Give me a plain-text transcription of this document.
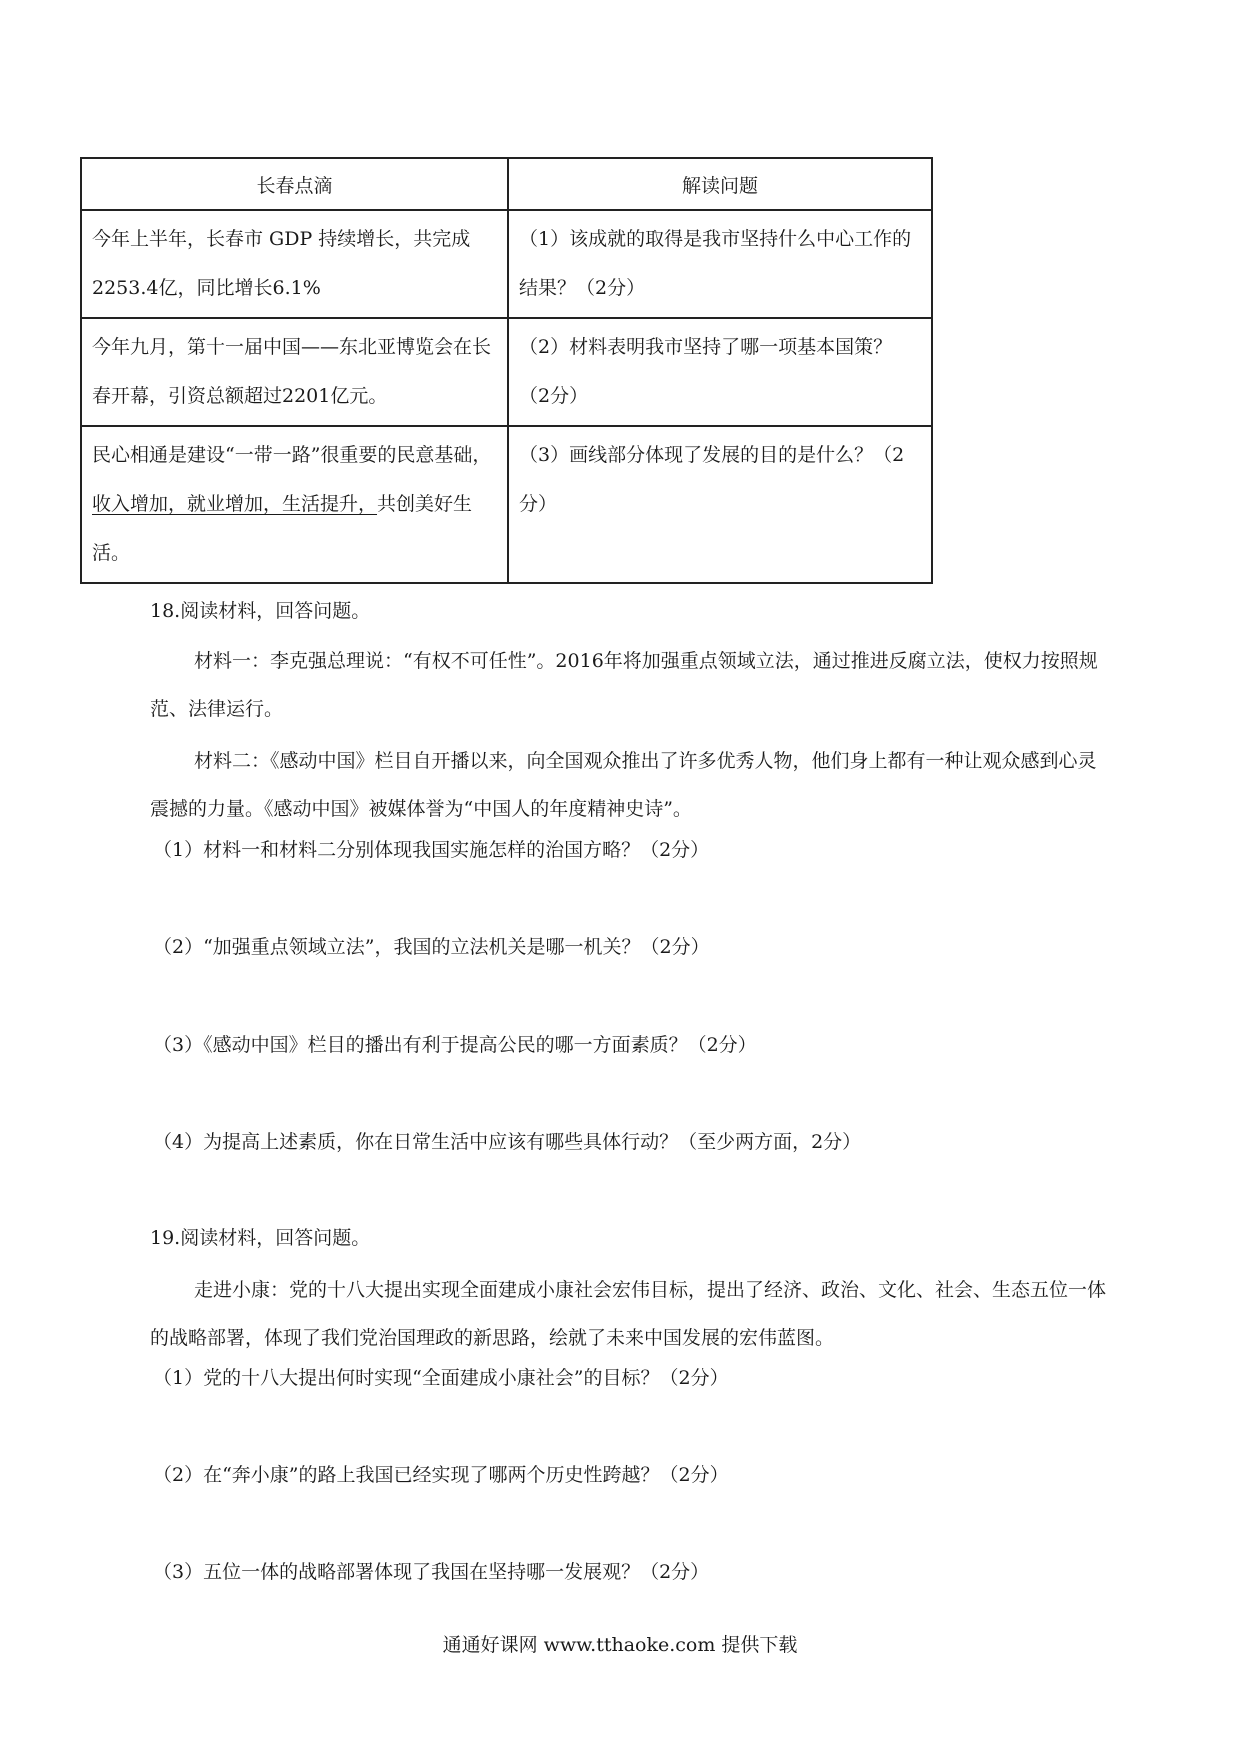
长春点滴	解读问题
今年上半年，长春市 GDP 持续增长，共完成2253.4亿，同比增长6.1%	（1）该成就的取得是我市坚持什么中心工作的结果？（2分）
今年九月，第十一届中国——东北亚博览会在长春开幕，引资总额超过2201亿元。	（2）材料表明我市坚持了哪一项基本国策？（2分）
民心相通是建设“一带一路”很重要的民意基础，收入增加，就业增加，生活提升，共创美好生活。	（3）画线部分体现了发展的目的是什么？（2分）
18.阅读材料，回答问题。
材料一：李克强总理说：“有权不可任性”。2016年将加强重点领域立法，通过推进反腐立法，使权力按照规范、法律运行。
材料二：《感动中国》栏目自开播以来，向全国观众推出了许多优秀人物，他们身上都有一种让观众感到心灵震撼的力量。《感动中国》被媒体誉为“中国人的年度精神史诗”。
（1）材料一和材料二分别体现我国实施怎样的治国方略？（2分）
（2）“加强重点领域立法”，我国的立法机关是哪一机关？（2分）
（3）《感动中国》栏目的播出有利于提高公民的哪一方面素质？（2分）
（4）为提高上述素质，你在日常生活中应该有哪些具体行动？（至少两方面，2分）
19.阅读材料，回答问题。
走进小康：党的十八大提出实现全面建成小康社会宏伟目标，提出了经济、政治、文化、社会、生态五位一体的战略部署，体现了我们党治国理政的新思路，绘就了未来中国发展的宏伟蓝图。
（1）党的十八大提出何时实现“全面建成小康社会”的目标？（2分）
（2）在“奔小康”的路上我国已经实现了哪两个历史性跨越？（2分）
（3）五位一体的战略部署体现了我国在坚持哪一发展观？（2分）
通通好课网 www.tthaoke.com 提供下载
